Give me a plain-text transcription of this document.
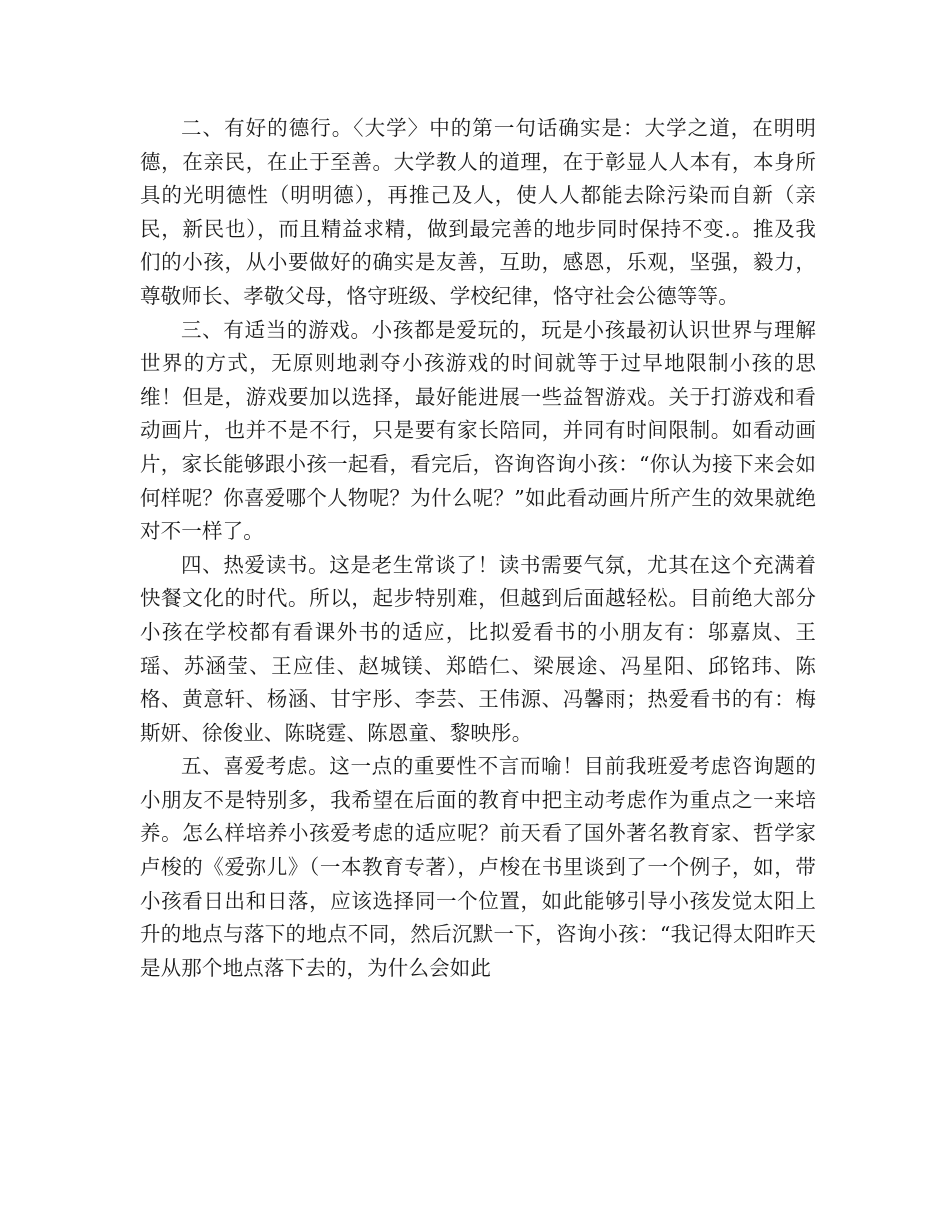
二、有好的德行。〈大学〉中的第一句话确实是：大学之道，在明明德，在亲民，在止于至善。大学教人的道理，在于彰显人人本有，本身所具的光明德性（明明德），再推己及人，使人人都能去除污染而自新（亲民，新民也），而且精益求精，做到最完善的地步同时保持不变.。推及我们的小孩，从小要做好的确实是友善，互助，感恩，乐观，坚强，毅力，尊敬师长、孝敬父母，恪守班级、学校纪律，恪守社会公德等等。

三、有适当的游戏。小孩都是爱玩的，玩是小孩最初认识世界与理解世界的方式，无原则地剥夺小孩游戏的时间就等于过早地限制小孩的思维！但是，游戏要加以选择，最好能进展一些益智游戏。关于打游戏和看动画片，也并不是不行，只是要有家长陪同，并同有时间限制。如看动画片，家长能够跟小孩一起看，看完后，咨询咨询小孩：“你认为接下来会如何样呢？你喜爱哪个人物呢？为什么呢？”如此看动画片所产生的效果就绝对不一样了。

四、热爱读书。这是老生常谈了！读书需要气氛，尤其在这个充满着快餐文化的时代。所以，起步特别难，但越到后面越轻松。目前绝大部分小孩在学校都有看课外书的适应，比拟爱看书的小朋友有：邬嘉岚、王瑶、苏涵莹、王应佳、赵城镁、郑皓仁、梁展途、冯星阳、邱铭玮、陈格、黄意轩、杨涵、甘宇彤、李芸、王伟源、冯馨雨；热爱看书的有：梅斯妍、徐俊业、陈晓霆、陈恩童、黎映彤。

五、喜爱考虑。这一点的重要性不言而喻！目前我班爱考虑咨询题的小朋友不是特别多，我希望在后面的教育中把主动考虑作为重点之一来培养。怎么样培养小孩爱考虑的适应呢？前天看了国外著名教育家、哲学家卢梭的《爱弥儿》（一本教育专著），卢梭在书里谈到了一个例子，如，带小孩看日出和日落，应该选择同一个位置，如此能够引导小孩发觉太阳上升的地点与落下的地点不同，然后沉默一下，咨询小孩：“我记得太阳昨天是从那个地点落下去的，为什么会如此
